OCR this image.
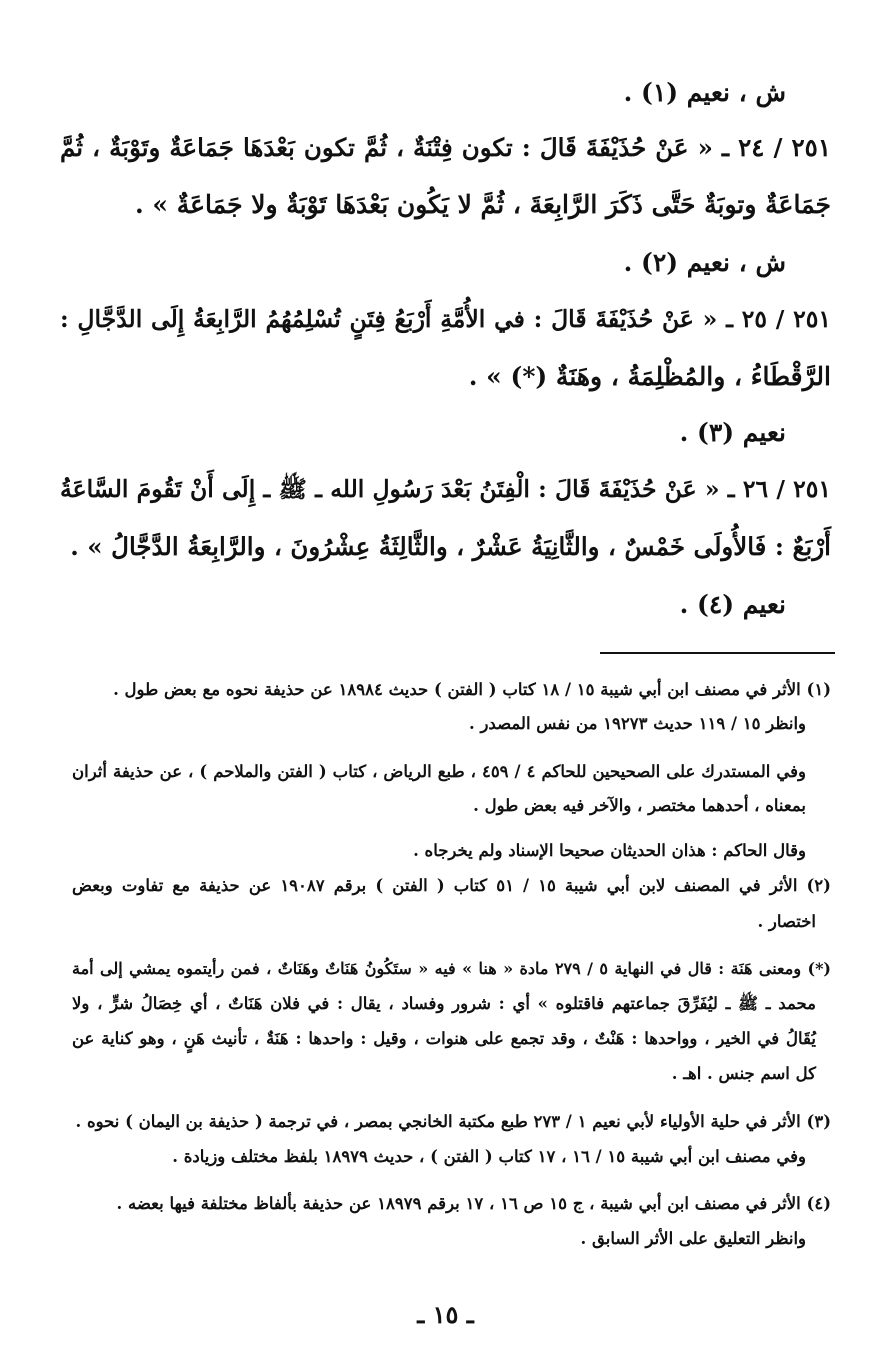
ش ، نعيم (١) .
٢٥١ / ٢٤ ـ « عَنْ حُذَيْفَةَ قَالَ : تكون فِتْنَةٌ ، ثُمَّ تكون بَعْدَهَا جَمَاعَةٌ وتَوْبَةٌ ، ثُمَّ
جَمَاعَةٌ وتوبَةٌ حَتَّى ذَكَرَ الرَّابِعَةَ ، ثُمَّ لا يَكُون بَعْدَهَا تَوْبَةٌ ولا جَمَاعَةٌ » .
ش ، نعيم (٢) .
٢٥١ / ٢٥ ـ « عَنْ حُذَيْفَةَ قَالَ : في الأُمَّةِ أَرْبَعُ فِتَنٍ تُسْلِمُهُمُ الرَّابِعَةُ إِلَى الدَّجَّالِ :
الرَّقْطَاءُ ، والمُظْلِمَةُ ، وهَنَةٌ (*) » .
نعيم (٣) .
٢٥١ / ٢٦ ـ « عَنْ حُذَيْفَةَ قَالَ : الْفِتَنُ بَعْدَ رَسُولِ الله ـ ﷺ ـ إِلَى أَنْ تَقُومَ السَّاعَةُ
أَرْبَعٌ : فَالأُولَى خَمْسٌ ، والثَّانِيَةُ عَشْرٌ ، والثَّالِثَةُ عِشْرُونَ ، والرَّابِعَةُ الدَّجَّالُ » .
نعيم (٤) .
(١) الأثر في مصنف ابن أبي شيبة ١٥ / ١٨ كتاب ( الفتن ) حديث ١٨٩٨٤ عن حذيفة نحوه مع بعض طول .
وانظر ١٥ / ١١٩ حديث ١٩٢٧٣ من نفس المصدر .
وفي المستدرك على الصحيحين للحاكم ٤ / ٤٥٩ ، طبع الرياض ، كتاب ( الفتن والملاحم ) ، عن حذيفة أثران
بمعناه ، أحدهما مختصر ، والآخر فيه بعض طول .
وقال الحاكم : هذان الحديثان صحيحا الإسناد ولم يخرجاه .
(٢) الأثر في المصنف لابن أبي شيبة ١٥ / ٥١ كتاب ( الفتن ) برقم ١٩٠٨٧ عن حذيفة مع تفاوت وبعض
اختصار .
(*) ومعنى هَنَة : قال في النهاية ٥ / ٢٧٩ مادة « هنا » فيه « ستَكُونُ هَنَاتٌ وهَنَاتٌ ، فمن رأيتموه يمشي إلى أمة
محمد ـ ﷺ ـ ليُفَرِّقَ جماعتهم فاقتلوه » أي : شرور وفساد ، يقال : في فلان هَنَاتٌ ، أي خِصَالُ شرٍّ ، ولا
يُقَالُ في الخير ، وواحدها : هَنْتٌ ، وقد تجمع على هنوات ، وقيل : واحدها : هَنَةٌ ، تأنيث هَنٍ ، وهو كناية عن
كل اسم جنس . اهـ .
(٣) الأثر في حلية الأولياء لأبي نعيم ١ / ٢٧٣ طبع مكتبة الخانجي بمصر ، في ترجمة ( حذيفة بن اليمان ) نحوه .
وفي مصنف ابن أبي شيبة ١٥ / ١٦ ، ١٧ كتاب ( الفتن ) ، حديث ١٨٩٧٩ بلفظ مختلف وزيادة .
(٤) الأثر في مصنف ابن أبي شيبة ، ج ١٥ ص ١٦ ، ١٧ برقم ١٨٩٧٩ عن حذيفة بألفاظ مختلفة فيها بعضه .
وانظر التعليق على الأثر السابق .
ـ ١٥ ـ
